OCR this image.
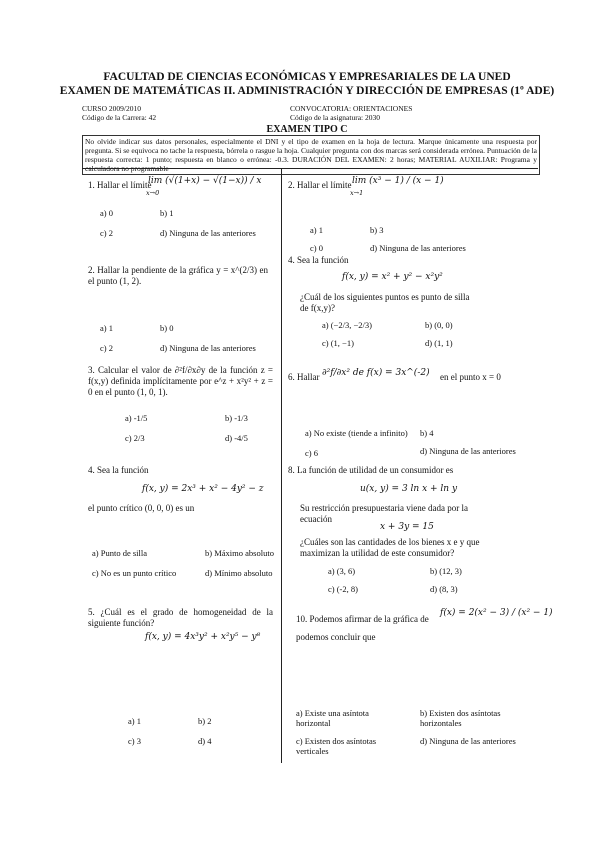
FACULTAD DE CIENCIAS ECONÓMICAS Y EMPRESARIALES DE LA UNED
EXAMEN DE MATEMÁTICAS II. ADMINISTRACIÓN Y DIRECCIÓN DE EMPRESAS (1º ADE)
CURSO 2009/2010
Código de la Carrera: 42
CONVOCATORIA: ORIENTACIONES
Código de la asignatura: 2030
EXAMEN TIPO C
No olvide indicar sus datos personales, especialmente el DNI y el tipo de examen en la hoja de lectura. Marque únicamente una respuesta por pregunta. Si se equivoca no tache la respuesta, bórrela o rasgue la hoja. Cualquier pregunta con dos marcas será considerada errónea. Puntuación de la respuesta correcta: 1 punto; respuesta en blanco o errónea: -0.3. DURACIÓN DEL EXAMEN: 2 horas; MATERIAL AUXILIAR: Programa y
1. Hallar el límite
lim (√(1+x) − √(1−x)) / x
x→0
a) 0	b) 1
c) 2	d) Ninguna de las anteriores
2. Hallar la pendiente de la gráfica y = x^(2/3) en el punto (1, 2).
a) 1	b) 0
c) 2	d) Ninguna de las anteriores
3. Calcular el valor de ∂²f/∂x∂y de la función z = f(x,y) definida implícitamente por e^z + x²y² + z = 0 en el punto (1, 0, 1).
a) -1/5	b) -1/3
c) 2/3	d) -4/5
4. Sea la función
f(x, y) = 2x³ + x² − 4y² − z
el punto crítico (0, 0, 0) es un
a) Punto de silla	b) Máximo absoluto
c) No es un punto crítico	d) Mínimo absoluto
5. ¿Cuál es el grado de homogeneidad de la siguiente función?
f(x, y) = 4x³y² + x²y⁵ − y⁸
a) 1	b) 2
c) 3	d) 4
2. Hallar el límite lim (x³ − 1) / (x − 1)
x→1
a) 1	b) 3
c) 0	d) Ninguna de las anteriores
4. Sea la función
f(x, y) = x² + y² − x²y²
¿Cuál de los siguientes puntos es punto de silla de f(x,y)?
a) (−2/3, −2/3)	b) (0, 0)
c) (1, −1)	d) (1, 1)
6. Hallar ∂²f/∂x² de f(x) = 3x^(-2) en el punto x = 0
a) No existe (tiende a infinito) b) 4
c) 6	d) Ninguna de las anteriores
8. La función de utilidad de un consumidor es
u(x, y) = 3 ln x + ln y
Su restricción presupuestaria viene dada por la ecuación
x + 3y = 15
¿Cuáles son las cantidades de los bienes x e y que maximizan la utilidad de este consumidor?
a) (3, 6)	b) (12, 3)
c) (-2, 8)	d) (8, 3)
10. Podemos afirmar de la gráfica de
f(x) = 2(x² − 3) / (x² − 1)
podemos concluir que
a) Existe una asíntota horizontal
b) Existen dos asíntotas horizontales
c) Existen dos asíntotas verticales
d) Ninguna de las anteriores
